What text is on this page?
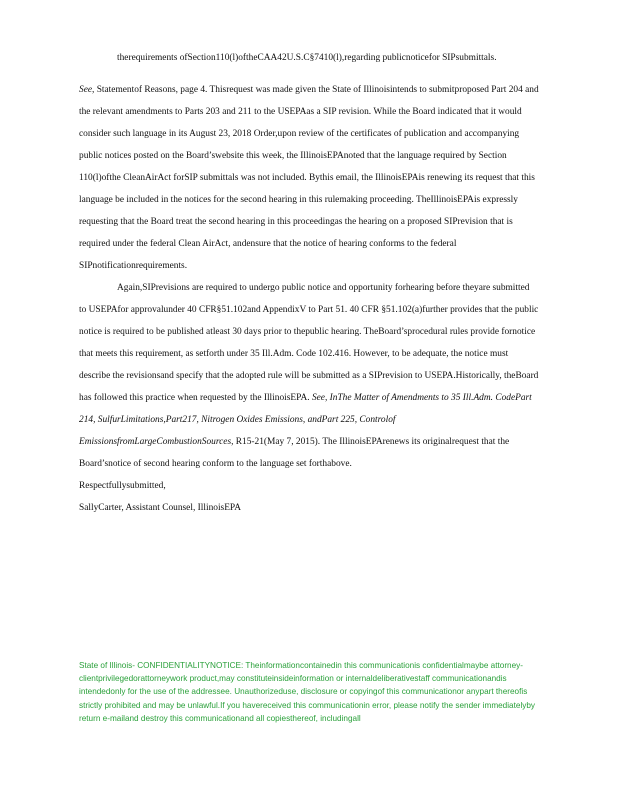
therequirements ofSection110(l)oftheCAA42U.S.C§7410(l),regarding publicnoticefor SIPsubmittals.

See, Statementof Reasons, page 4. Thisrequest was made given the State of Illinoisintends to submitproposed Part 204 and the relevant amendments to Parts 203 and 211 to the USEPAas a SIP revision. While the Board indicated that it would consider such language in its August 23, 2018 Order,upon review of the certificates of publication and accompanying public notices posted on the Board’swebsite this week, the IllinoisEPAnoted that the language required by Section 110(l)ofthe CleanAirAct forSIP submittals was not included. Bythis email, the IllinoisEPAis renewing its request that this language be included in the notices for the second hearing in this rulemaking proceeding. TheIllinoisEPAis expressly requesting that the Board treat the second hearing in this proceedingas the hearing on a proposed SIPrevision that is required under the federal Clean AirAct, andensure that the notice of hearing conforms to the federal SIPnotificationrequirements.

Again,SIPrevisions are required to undergo public notice and opportunity forhearing before theyare submitted to USEPAfor approvalunder 40 CFR§51.102and AppendixV to Part 51. 40 CFR §51.102(a)further provides that the public notice is required to be published atleast 30 days prior to thepublic hearing. TheBoard’sprocedural rules provide fornotice that meets this requirement, as setforth under 35 Ill.Adm. Code 102.416. However, to be adequate, the notice must describe the revisionsand specify that the adopted rule will be submitted as a SIPrevision to USEPA.Historically, theBoard has followed this practice when requested by the IllinoisEPA. See, InThe Matter of Amendments to 35 Ill.Adm. CodePart 214, SulfurLimitations,Part217, Nitrogen Oxides Emissions, andPart 225, Controlof EmissionsfromLargeCombustionSources, R15-21(May 7, 2015). The IllinoisEPArenews its originalrequest that the Board’snotice of second hearing conform to the language set forthabove.

Respectfullysubmitted,

SallyCarter, Assistant Counsel, IllinoisEPA

State of Illinois- CONFIDENTIALITYNOTICE: Theinformationcontainedin this communicationis confidentialmaybe attorney-clientprivilegedorattorneywork product,may constituteinsideinformation or internaldeliberativestaff communicationandis intendedonly for the use of the addressee. Unauthorizeduse, disclosure or copyingof this communicationor anypart thereofis strictly prohibited and may be unlawful.If you havereceived this communicationin error, please notify the sender immediatelyby return e-mailand destroy this communicationand all copiesthereof, includingall
